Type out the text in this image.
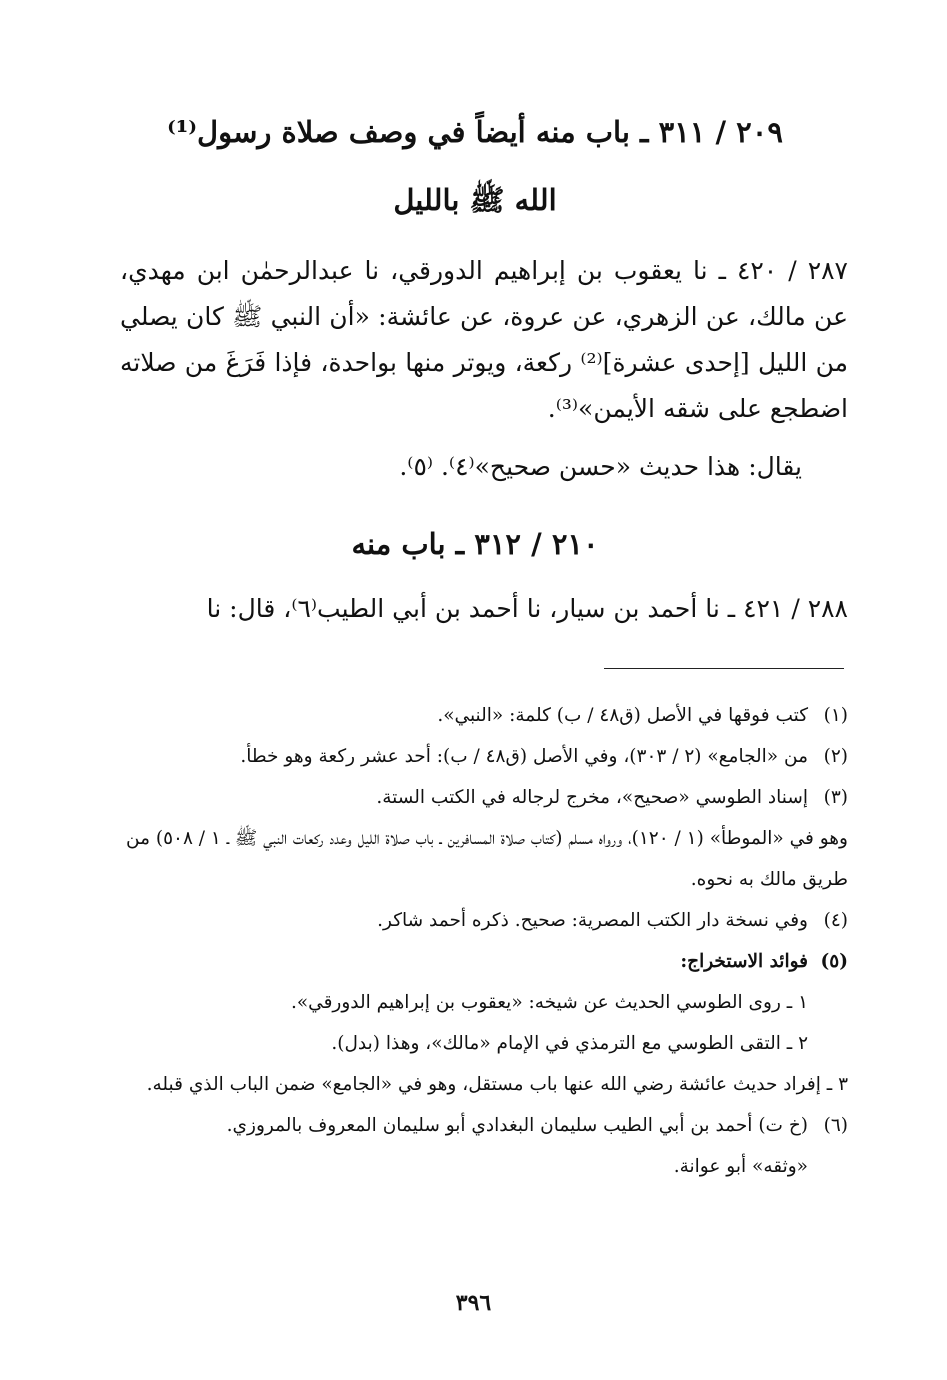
٢٠٩ / ٣١١ ـ باب منه أيضاً في وصف صلاة رسول⁽¹⁾
الله ﷺ بالليل

٢٨٧ / ٤٢٠ ـ نا يعقوب بن إبراهيم الدورقي، نا عبدالرحمٰن ابن مهدي، عن مالك، عن الزهري، عن عروة، عن عائشة: «أن النبي ﷺ كان يصلي من الليل [إحدى عشرة]⁽²⁾ ركعة، ويوتر منها بواحدة، فإذا فَرَغَ من صلاته اضطجع على شقه الأيمن»⁽³⁾.

يقال: هذا حديث «حسن صحيح»⁽٤⁾. ⁽٥⁾.

٢١٠ / ٣١٢ ـ باب منه

٢٨٨ / ٤٢١ ـ نا أحمد بن سيار، نا أحمد بن أبي الطيب⁽٦⁾، قال: نا

(١)كتب فوقها في الأصل (ق٤٨ / ب) كلمة: «النبي».
(٢)من «الجامع» (٢ / ٣٠٣)، وفي الأصل (ق٤٨ / ب): أحد عشر ركعة وهو خطأ.
(٣)إسناد الطوسي «صحيح»، مخرج لرجاله في الكتب الستة.
وهو في «الموطأ» (١ / ١٢٠)، ورواه مسلم (كتاب صلاة المسافرين ـ باب صلاة الليل وعدد ركعات النبي ﷺ ـ ١ / ٥٠٨) من طريق مالك به نحوه.
(٤)وفي نسخة دار الكتب المصرية: صحيح. ذكره أحمد شاكر.
(٥)فوائد الاستخراج:
١ ـ روى الطوسي الحديث عن شيخه: «يعقوب بن إبراهيم الدورقي».
٢ ـ التقى الطوسي مع الترمذي في الإمام «مالك»، وهذا (بدل).
٣ ـ إفراد حديث عائشة رضي الله عنها باب مستقل، وهو في «الجامع» ضمن الباب الذي قبله.
(٦)(خ ت) أحمد بن أبي الطيب سليمان البغدادي أبو سليمان المعروف بالمروزي.
«وثقه» أبو عوانة.
٣٩٦
